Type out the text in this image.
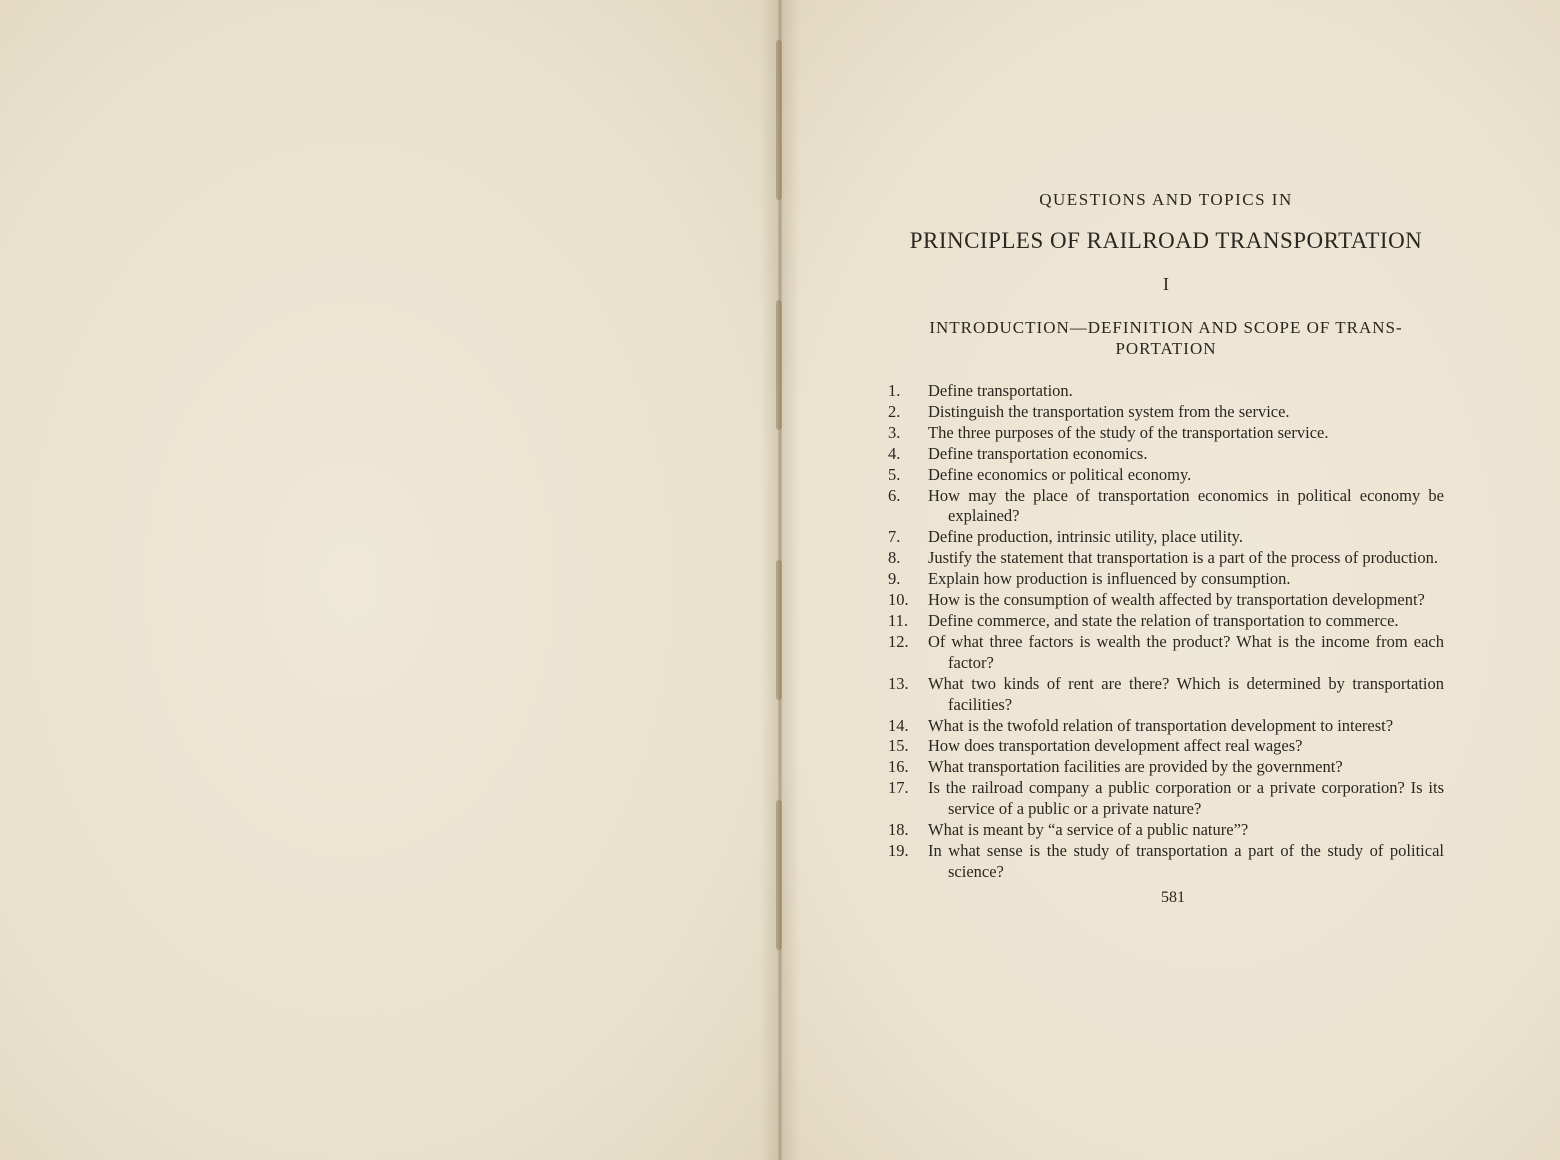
QUESTIONS AND TOPICS IN
PRINCIPLES OF RAILROAD TRANSPORTATION
I
INTRODUCTION—DEFINITION AND SCOPE OF TRANS-
PORTATION
1.	Define transportation.
2.	Distinguish the transportation system from the service.
3.	The three purposes of the study of the transportation service.
4.	Define transportation economics.
5.	Define economics or political economy.
6.	How may the place of transportation economics in political economy be explained?
7.	Define production, intrinsic utility, place utility.
8.	Justify the statement that transportation is a part of the process of production.
9.	Explain how production is influenced by consumption.
10.	How is the consumption of wealth affected by transportation development?
11.	Define commerce, and state the relation of transportation to commerce.
12.	Of what three factors is wealth the product? What is the income from each factor?
13.	What two kinds of rent are there? Which is determined by transportation facilities?
14.	What is the twofold relation of transportation development to interest?
15.	How does transportation development affect real wages?
16.	What transportation facilities are provided by the government?
17.	Is the railroad company a public corporation or a private corporation? Is its service of a public or a private nature?
18.	What is meant by “a service of a public nature”?
19.	In what sense is the study of transportation a part of the study of political science?
581
